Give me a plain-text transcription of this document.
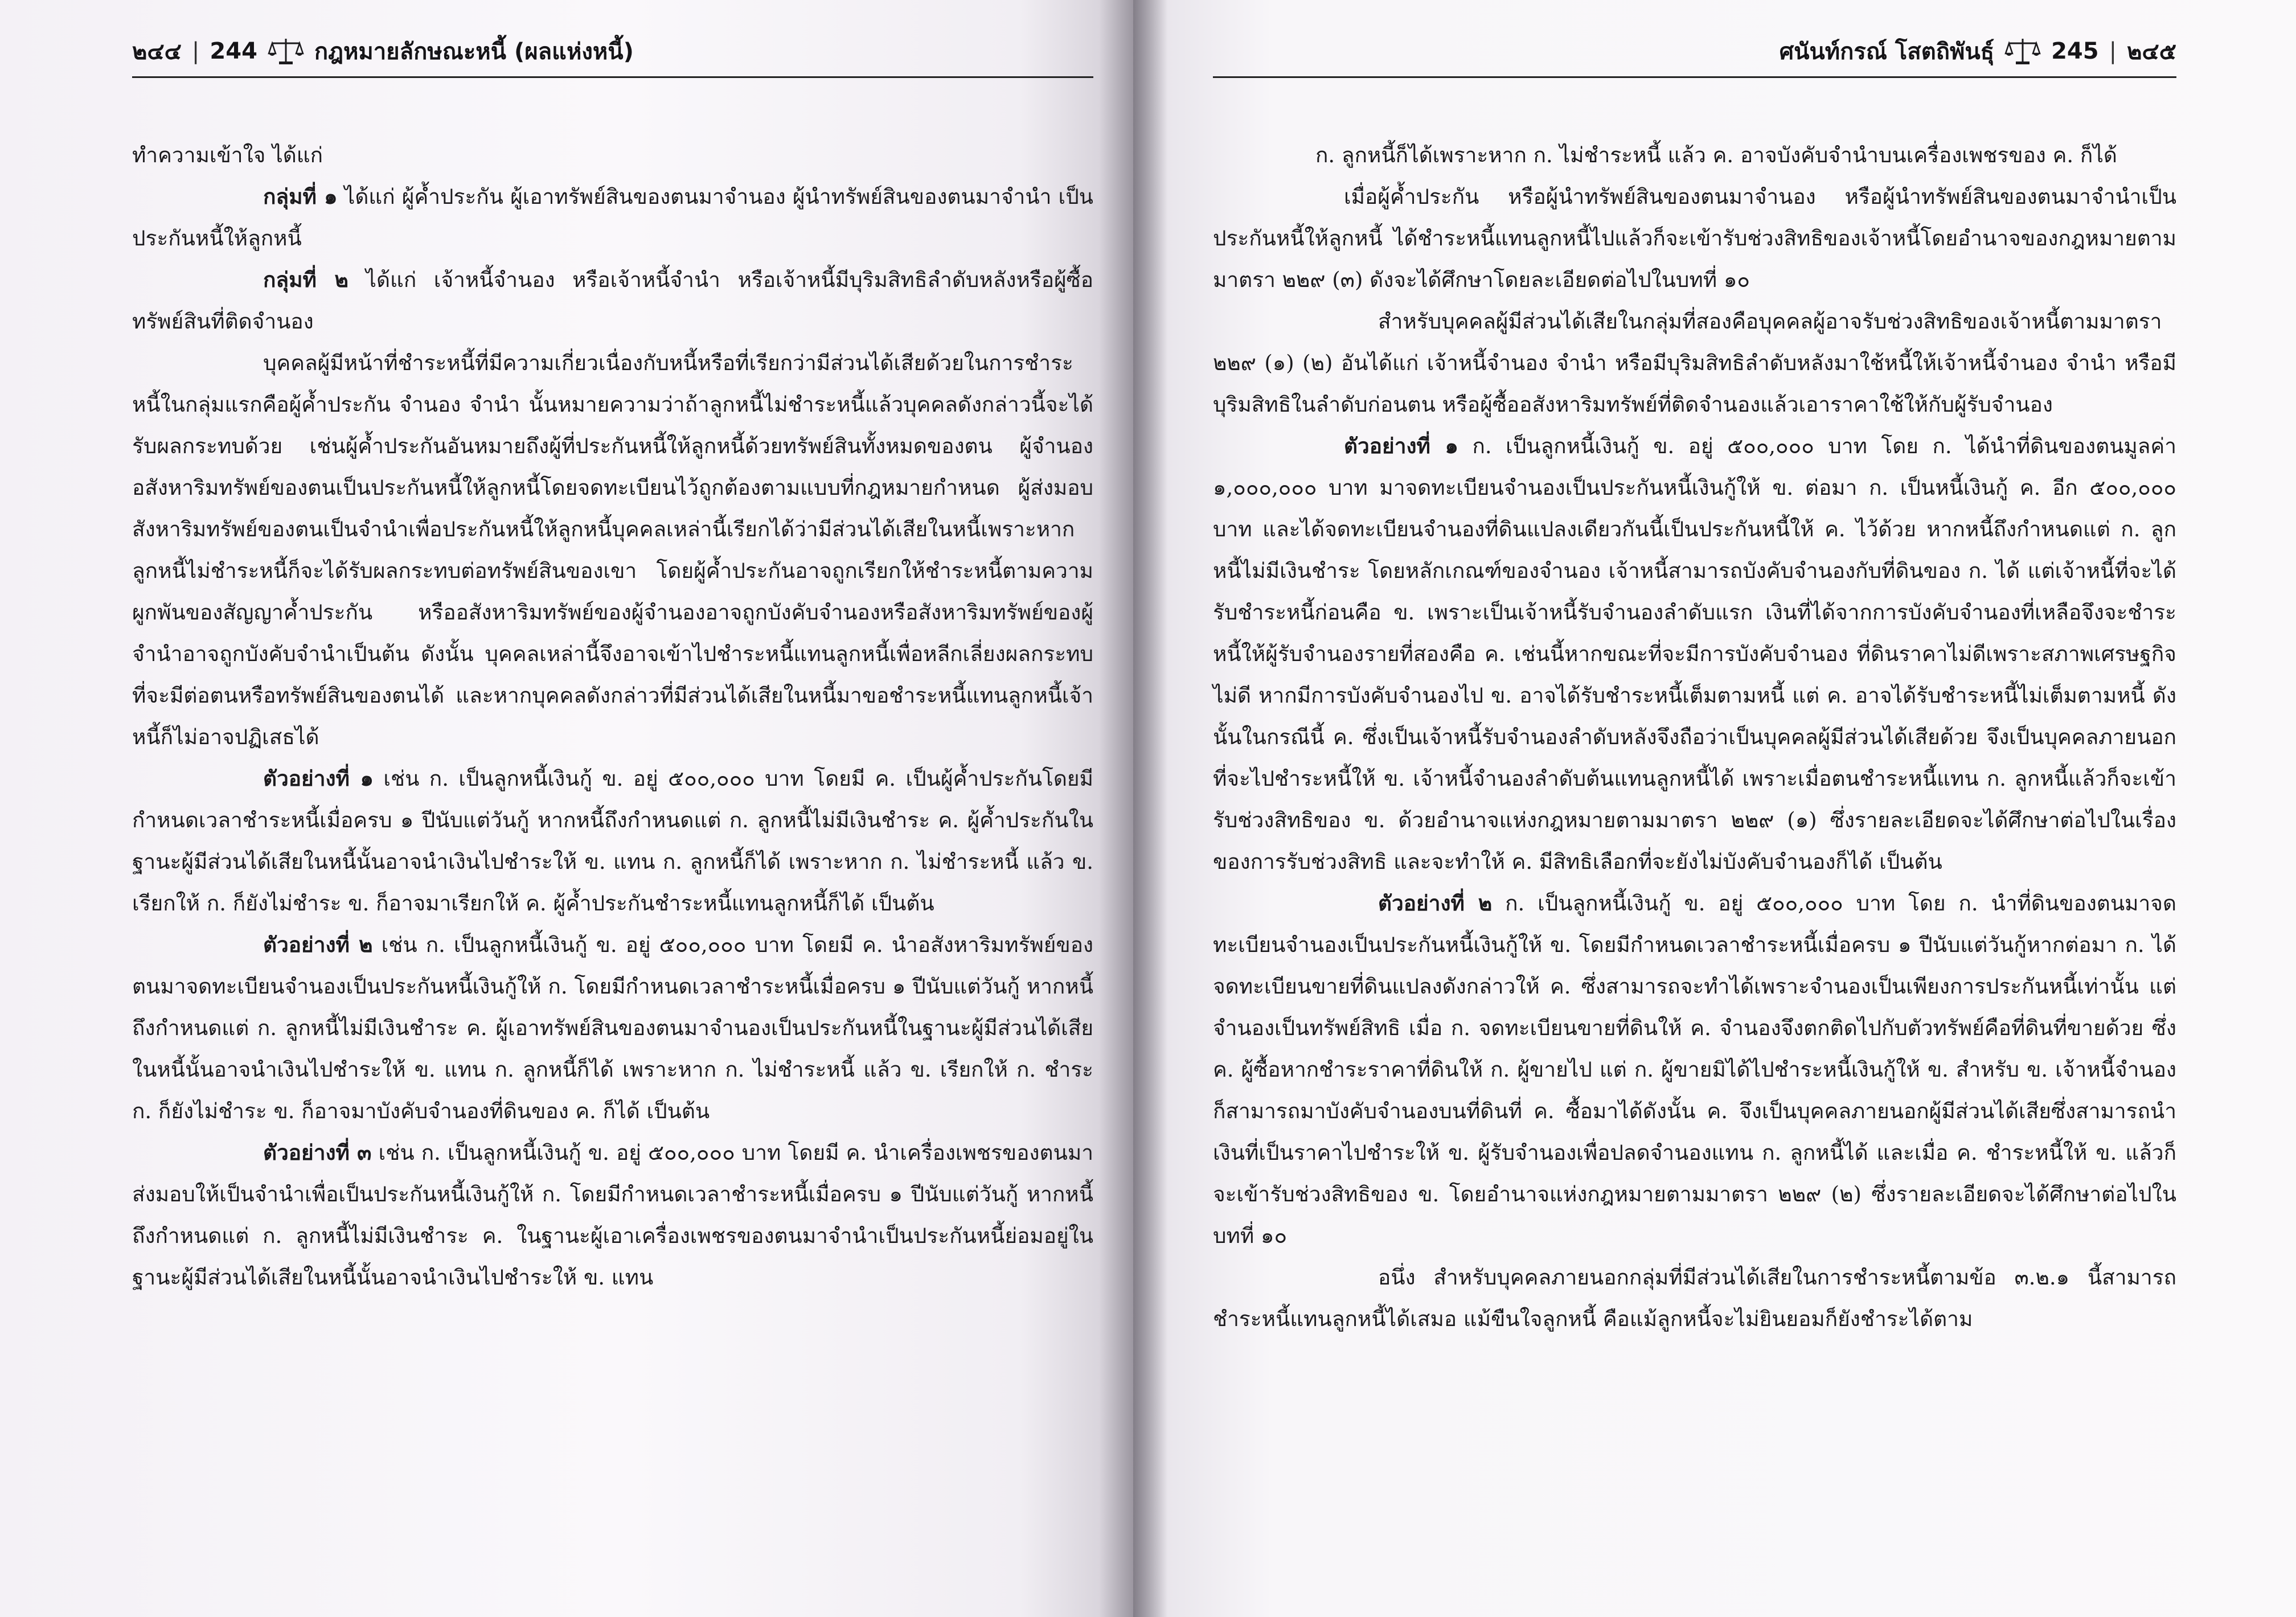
๒๔๔ | 244	กฎหมายลักษณะหนี้ (ผลแห่งหนี้)

ทำความเข้าใจ ได้แก่

กลุ่มที่ ๑ ได้แก่ ผู้ค้ำประกัน ผู้เอาทรัพย์สินของตนมาจำนอง ผู้นำทรัพย์สินของตนมาจำนำ เป็นประกันหนี้ให้ลูกหนี้

กลุ่มที่ ๒ ได้แก่ เจ้าหนี้จำนอง หรือเจ้าหนี้จำนำ หรือเจ้าหนี้มีบุริมสิทธิลำดับหลังหรือผู้ซื้อทรัพย์สินที่ติดจำนอง

บุคคลผู้มีหน้าที่ชำระหนี้ที่มีความเกี่ยวเนื่องกับหนี้หรือที่เรียกว่ามีส่วนได้เสียด้วยในการชำระหนี้ในกลุ่มแรกคือผู้ค้ำประกัน จำนอง จำนำ นั้นหมายความว่าถ้าลูกหนี้ไม่ชำระหนี้แล้วบุคคลดังกล่าวนี้จะได้รับผลกระทบด้วย เช่นผู้ค้ำประกันอันหมายถึงผู้ที่ประกันหนี้ให้ลูกหนี้ด้วยทรัพย์สินทั้งหมดของตน ผู้จำนองอสังหาริมทรัพย์ของตนเป็นประกันหนี้ให้ลูกหนี้โดยจดทะเบียนไว้ถูกต้องตามแบบที่กฎหมายกำหนด ผู้ส่งมอบสังหาริมทรัพย์ของตนเป็นจำนำเพื่อประกันหนี้ให้ลูกหนี้บุคคลเหล่านี้เรียกได้ว่ามีส่วนได้เสียในหนี้เพราะหากลูกหนี้ไม่ชำระหนี้ก็จะได้รับผลกระทบต่อทรัพย์สินของเขา โดยผู้ค้ำประกันอาจถูกเรียกให้ชำระหนี้ตามความผูกพันของสัญญาค้ำประกัน หรืออสังหาริมทรัพย์ของผู้จำนองอาจถูกบังคับจำนองหรือสังหาริมทรัพย์ของผู้จำนำอาจถูกบังคับจำนำเป็นต้น ดังนั้น บุคคลเหล่านี้จึงอาจเข้าไปชำระหนี้แทนลูกหนี้เพื่อหลีกเลี่ยงผลกระทบที่จะมีต่อตนหรือทรัพย์สินของตนได้ และหากบุคคลดังกล่าวที่มีส่วนได้เสียในหนี้มาขอชำระหนี้แทนลูกหนี้เจ้าหนี้ก็ไม่อาจปฏิเสธได้

ตัวอย่างที่ ๑ เช่น ก. เป็นลูกหนี้เงินกู้ ข. อยู่ ๕๐๐,๐๐๐ บาท โดยมี ค. เป็นผู้ค้ำประกันโดยมีกำหนดเวลาชำระหนี้เมื่อครบ ๑ ปีนับแต่วันกู้ หากหนี้ถึงกำหนดแต่ ก. ลูกหนี้ไม่มีเงินชำระ ค. ผู้ค้ำประกันในฐานะผู้มีส่วนได้เสียในหนี้นั้นอาจนำเงินไปชำระให้ ข. แทน ก. ลูกหนี้ก็ได้ เพราะหาก ก. ไม่ชำระหนี้ แล้ว ข. เรียกให้ ก. ก็ยังไม่ชำระ ข. ก็อาจมาเรียกให้ ค. ผู้ค้ำประกันชำระหนี้แทนลูกหนี้ก็ได้ เป็นต้น

ตัวอย่างที่ ๒ เช่น ก. เป็นลูกหนี้เงินกู้ ข. อยู่ ๕๐๐,๐๐๐ บาท โดยมี ค. นำอสังหาริมทรัพย์ของตนมาจดทะเบียนจำนองเป็นประกันหนี้เงินกู้ให้ ก. โดยมีกำหนดเวลาชำระหนี้เมื่อครบ ๑ ปีนับแต่วันกู้ หากหนี้ถึงกำหนดแต่ ก. ลูกหนี้ไม่มีเงินชำระ ค. ผู้เอาทรัพย์สินของตนมาจำนองเป็นประกันหนี้ในฐานะผู้มีส่วนได้เสียในหนี้นั้นอาจนำเงินไปชำระให้ ข. แทน ก. ลูกหนี้ก็ได้ เพราะหาก ก. ไม่ชำระหนี้ แล้ว ข. เรียกให้ ก. ชำระ ก. ก็ยังไม่ชำระ ข. ก็อาจมาบังคับจำนองที่ดินของ ค. ก็ได้ เป็นต้น

ตัวอย่างที่ ๓ เช่น ก. เป็นลูกหนี้เงินกู้ ข. อยู่ ๕๐๐,๐๐๐ บาท โดยมี ค. นำเครื่องเพชรของตนมาส่งมอบให้เป็นจำนำเพื่อเป็นประกันหนี้เงินกู้ให้ ก. โดยมีกำหนดเวลาชำระหนี้เมื่อครบ ๑ ปีนับแต่วันกู้ หากหนี้ถึงกำหนดแต่ ก. ลูกหนี้ไม่มีเงินชำระ ค. ในฐานะผู้เอาเครื่องเพชรของตนมาจำนำเป็นประกันหนี้ย่อมอยู่ในฐานะผู้มีส่วนได้เสียในหนี้นั้นอาจนำเงินไปชำระให้ ข. แทน

ศนันท์กรณ์ โสตถิพันธุ์	245 | ๒๔๕

ก. ลูกหนี้ก็ได้เพราะหาก ก. ไม่ชำระหนี้ แล้ว ค. อาจบังคับจำนำบนเครื่องเพชรของ ค. ก็ได้

เมื่อผู้ค้ำประกัน หรือผู้นำทรัพย์สินของตนมาจำนอง หรือผู้นำทรัพย์สินของตนมาจำนำเป็นประกันหนี้ให้ลูกหนี้ ได้ชำระหนี้แทนลูกหนี้ไปแล้วก็จะเข้ารับช่วงสิทธิของเจ้าหนี้โดยอำนาจของกฎหมายตามมาตรา ๒๒๙ (๓) ดังจะได้ศึกษาโดยละเอียดต่อไปในบทที่ ๑๐

สำหรับบุคคลผู้มีส่วนได้เสียในกลุ่มที่สองคือบุคคลผู้อาจรับช่วงสิทธิของเจ้าหนี้ตามมาตรา ๒๒๙ (๑) (๒) อันได้แก่ เจ้าหนี้จำนอง จำนำ หรือมีบุริมสิทธิลำดับหลังมาใช้หนี้ให้เจ้าหนี้จำนอง จำนำ หรือมีบุริมสิทธิในลำดับก่อนตน หรือผู้ซื้ออสังหาริมทรัพย์ที่ติดจำนองแล้วเอาราคาใช้ให้กับผู้รับจำนอง

ตัวอย่างที่ ๑ ก. เป็นลูกหนี้เงินกู้ ข. อยู่ ๕๐๐,๐๐๐ บาท โดย ก. ได้นำที่ดินของตนมูลค่า ๑,๐๐๐,๐๐๐ บาท มาจดทะเบียนจำนองเป็นประกันหนี้เงินกู้ให้ ข. ต่อมา ก. เป็นหนี้เงินกู้ ค. อีก ๕๐๐,๐๐๐ บาท และได้จดทะเบียนจำนองที่ดินแปลงเดียวกันนี้เป็นประกันหนี้ให้ ค. ไว้ด้วย หากหนี้ถึงกำหนดแต่ ก. ลูกหนี้ไม่มีเงินชำระ โดยหลักเกณฑ์ของจำนอง เจ้าหนี้สามารถบังคับจำนองกับที่ดินของ ก. ได้ แต่เจ้าหนี้ที่จะได้รับชำระหนี้ก่อนคือ ข. เพราะเป็นเจ้าหนี้รับจำนองลำดับแรก เงินที่ได้จากการบังคับจำนองที่เหลือจึงจะชำระหนี้ให้ผู้รับจำนองรายที่สองคือ ค. เช่นนี้หากขณะที่จะมีการบังคับจำนอง ที่ดินราคาไม่ดีเพราะสภาพเศรษฐกิจไม่ดี หากมีการบังคับจำนองไป ข. อาจได้รับชำระหนี้เต็มตามหนี้ แต่ ค. อาจได้รับชำระหนี้ไม่เต็มตามหนี้ ดังนั้นในกรณีนี้ ค. ซึ่งเป็นเจ้าหนี้รับจำนองลำดับหลังจึงถือว่าเป็นบุคคลผู้มีส่วนได้เสียด้วย จึงเป็นบุคคลภายนอกที่จะไปชำระหนี้ให้ ข. เจ้าหนี้จำนองลำดับต้นแทนลูกหนี้ได้ เพราะเมื่อตนชำระหนี้แทน ก. ลูกหนี้แล้วก็จะเข้ารับช่วงสิทธิของ ข. ด้วยอำนาจแห่งกฎหมายตามมาตรา ๒๒๙ (๑) ซึ่งรายละเอียดจะได้ศึกษาต่อไปในเรื่องของการรับช่วงสิทธิ และจะทำให้ ค. มีสิทธิเลือกที่จะยังไม่บังคับจำนองก็ได้ เป็นต้น

ตัวอย่างที่ ๒ ก. เป็นลูกหนี้เงินกู้ ข. อยู่ ๕๐๐,๐๐๐ บาท โดย ก. นำที่ดินของตนมาจดทะเบียนจำนองเป็นประกันหนี้เงินกู้ให้ ข. โดยมีกำหนดเวลาชำระหนี้เมื่อครบ ๑ ปีนับแต่วันกู้หากต่อมา ก. ได้จดทะเบียนขายที่ดินแปลงดังกล่าวให้ ค. ซึ่งสามารถจะทำได้เพราะจำนองเป็นเพียงการประกันหนี้เท่านั้น แต่จำนองเป็นทรัพย์สิทธิ เมื่อ ก. จดทะเบียนขายที่ดินให้ ค. จำนองจึงตกติดไปกับตัวทรัพย์คือที่ดินที่ขายด้วย ซึ่ง ค. ผู้ซื้อหากชำระราคาที่ดินให้ ก. ผู้ขายไป แต่ ก. ผู้ขายมิได้ไปชำระหนี้เงินกู้ให้ ข. สำหรับ ข. เจ้าหนี้จำนองก็สามารถมาบังคับจำนองบนที่ดินที่ ค. ซื้อมาได้ดังนั้น ค. จึงเป็นบุคคลภายนอกผู้มีส่วนได้เสียซึ่งสามารถนำเงินที่เป็นราคาไปชำระให้ ข. ผู้รับจำนองเพื่อปลดจำนองแทน ก. ลูกหนี้ได้ และเมื่อ ค. ชำระหนี้ให้ ข. แล้วก็จะเข้ารับช่วงสิทธิของ ข. โดยอำนาจแห่งกฎหมายตามมาตรา ๒๒๙ (๒) ซึ่งรายละเอียดจะได้ศึกษาต่อไปในบทที่ ๑๐

อนึ่ง สำหรับบุคคลภายนอกกลุ่มที่มีส่วนได้เสียในการชำระหนี้ตามข้อ ๓.๒.๑ นี้สามารถชำระหนี้แทนลูกหนี้ได้เสมอ แม้ขืนใจลูกหนี้ คือแม้ลูกหนี้จะไม่ยินยอมก็ยังชำระได้ตาม
